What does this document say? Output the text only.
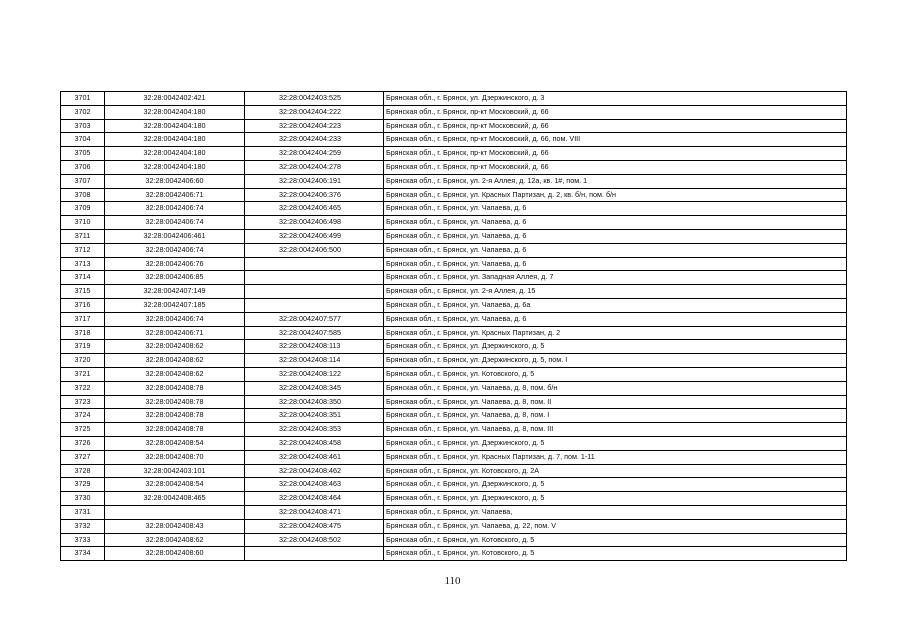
3701	32:28:0042402:421	32:28:0042403:525	Брянская обл., г. Брянск, ул. Дзержинского, д. 3
3702	32:28:0042404:180	32:28:0042404:222	Брянская обл., г. Брянск, пр-кт Московский, д. 66
3703	32:28:0042404:180	32:28:0042404:223	Брянская обл., г. Брянск, пр-кт Московский, д. 66
3704	32:28:0042404:180	32:28:0042404:233	Брянская обл., г. Брянск, пр-кт Московский, д. 66, пом. VIII
3705	32:28:0042404:180	32:28:0042404:259	Брянская обл., г. Брянск, пр-кт Московский, д. 66
3706	32:28:0042404:180	32:28:0042404:278	Брянская обл., г. Брянск, пр-кт Московский, д. 66
3707	32:28:0042406:60	32:28:0042406:191	Брянская обл., г. Брянск, ул. 2-я Аллея, д. 12а, кв. 1#, пом. 1
3708	32:28:0042406:71	32:28:0042406:376	Брянская обл., г. Брянск, ул. Красных Партизан, д. 2, кв. б/н, пом. б/н
3709	32:28:0042406:74	32:28:0042406:465	Брянская обл., г. Брянск, ул. Чапаева, д. 6
3710	32:28:0042406:74	32:28:0042406:498	Брянская обл., г. Брянск, ул. Чапаева, д. 6
3711	32:28:0042406:461	32:28:0042406:499	Брянская обл., г. Брянск, ул. Чапаева, д. 6
3712	32:28:0042406:74	32:28:0042406:500	Брянская обл., г. Брянск, ул. Чапаева, д. 6
3713	32:28:0042406:76		Брянская обл., г. Брянск, ул. Чапаева, д. 6
3714	32:28:0042406:85		Брянская обл., г. Брянск, ул. Западная Аллея, д. 7
3715	32:28:0042407:149		Брянская обл., г. Брянск, ул. 2-я Аллея, д. 15
3716	32:28:0042407:185		Брянская обл., г. Брянск, ул. Чапаева, д. 6а
3717	32:28:0042406:74	32:28:0042407:577	Брянская обл., г. Брянск, ул. Чапаева, д. 6
3718	32:28:0042406:71	32:28:0042407:585	Брянская обл., г. Брянск, ул. Красных Партизан, д. 2
3719	32:28:0042408:62	32:28:0042408:113	Брянская обл., г. Брянск, ул. Дзержинского, д. 5
3720	32:28:0042408:62	32:28:0042408:114	Брянская обл., г. Брянск, ул. Дзержинского, д. 5, пом. I
3721	32:28:0042408:62	32:28:0042408:122	Брянская обл., г. Брянск, ул. Котовского, д. 5
3722	32:28:0042408:78	32:28:0042408:345	Брянская обл., г. Брянск, ул. Чапаева, д. 8, пом. б/н
3723	32:28:0042408:78	32:28:0042408:350	Брянская обл., г. Брянск, ул. Чапаева, д. 8, пом. II
3724	32:28:0042408:78	32:28:0042408:351	Брянская обл., г. Брянск, ул. Чапаева, д. 8, пом. I
3725	32:28:0042408:78	32:28:0042408:353	Брянская обл., г. Брянск, ул. Чапаева, д. 8, пом. III
3726	32:28:0042408:54	32:28:0042408:458	Брянская обл., г. Брянск, ул. Дзержинского, д. 5
3727	32:28:0042408:70	32:28:0042408:461	Брянская обл., г. Брянск, ул. Красных Партизан, д. 7, пом. 1-11
3728	32:28:0042403:101	32:28:0042408:462	Брянская обл., г. Брянск, ул. Котовского, д. 2А
3729	32:28:0042408:54	32:28:0042408:463	Брянская обл., г. Брянск, ул. Дзержинского, д. 5
3730	32:28:0042408:465	32:28:0042408:464	Брянская обл., г. Брянск, ул. Дзержинского, д. 5
3731		32:28:0042408:471	Брянская обл., г. Брянск, ул. Чапаева,
3732	32:28:0042408:43	32:28:0042408:475	Брянская обл., г. Брянск, ул. Чапаева, д. 22, пом. V
3733	32:28:0042408:62	32:28:0042408:502	Брянская обл., г. Брянск, ул. Котовского, д. 5
3734	32:28:0042408:60		Брянская обл., г. Брянск, ул. Котовского, д. 5
110
